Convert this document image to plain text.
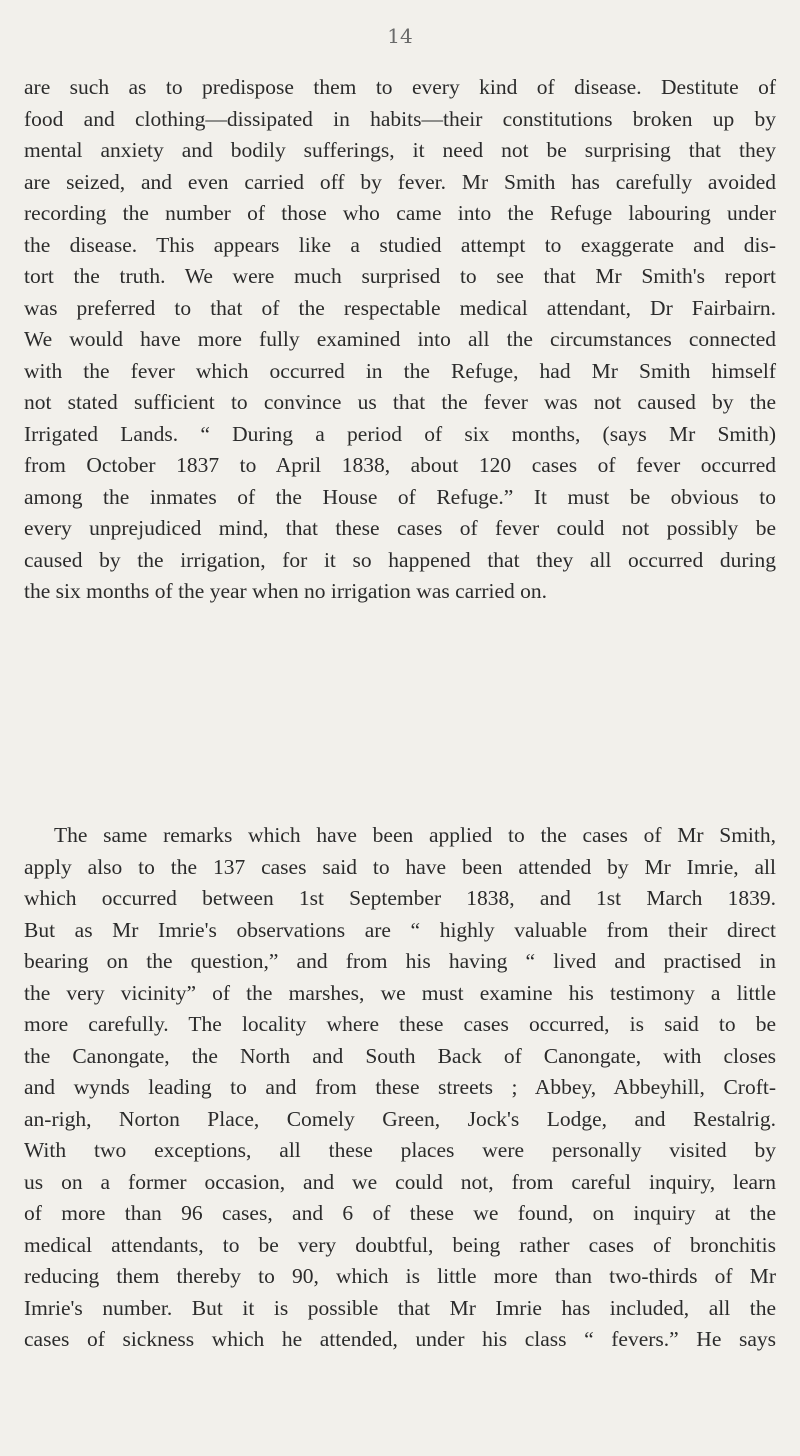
14
are such as to predispose them to every kind of disease. Destitute of
food and clothing—dissipated in habits—their constitutions broken up by
mental anxiety and bodily sufferings, it need not be surprising that they
are seized, and even carried off by fever. Mr Smith has carefully avoided
recording the number of those who came into the Refuge labouring under
the disease. This appears like a studied attempt to exaggerate and dis-
tort the truth. We were much surprised to see that Mr Smith's report
was preferred to that of the respectable medical attendant, Dr Fairbairn.
We would have more fully examined into all the circumstances connected
with the fever which occurred in the Refuge, had Mr Smith himself
not stated sufficient to convince us that the fever was not caused by the
Irrigated Lands. “ During a period of six months, (says Mr Smith)
from October 1837 to April 1838, about 120 cases of fever occurred
among the inmates of the House of Refuge.” It must be obvious to
every unprejudiced mind, that these cases of fever could not possibly be
caused by the irrigation, for it so happened that they all occurred during
the six months of the year when no irrigation was carried on.
The same remarks which have been applied to the cases of Mr Smith,
apply also to the 137 cases said to have been attended by Mr Imrie, all
which occurred between 1st September 1838, and 1st March 1839.
But as Mr Imrie's observations are “ highly valuable from their direct
bearing on the question,” and from his having “ lived and practised in
the very vicinity” of the marshes, we must examine his testimony a little
more carefully. The locality where these cases occurred, is said to be
the Canongate, the North and South Back of Canongate, with closes
and wynds leading to and from these streets ; Abbey, Abbeyhill, Croft-
an-righ, Norton Place, Comely Green, Jock's Lodge, and Restalrig.
With two exceptions, all these places were personally visited by
us on a former occasion, and we could not, from careful inquiry, learn
of more than 96 cases, and 6 of these we found, on inquiry at the
medical attendants, to be very doubtful, being rather cases of bronchitis
reducing them thereby to 90, which is little more than two-thirds of Mr
Imrie's number. But it is possible that Mr Imrie has included, all the
cases of sickness which he attended, under his class “ fevers.” He says
